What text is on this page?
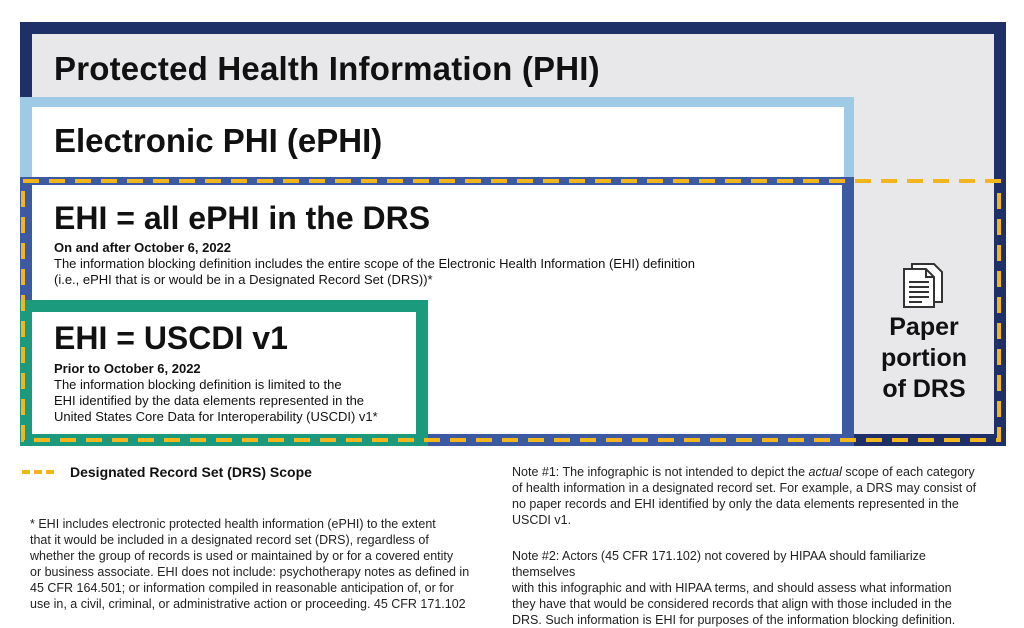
Protected Health Information (PHI)
Electronic PHI (ePHI)
EHI = all ePHI in the DRS
On and after October 6, 2022
The information blocking definition includes the entire scope of the Electronic Health Information (EHI) definition
(i.e., ePHI that is or would be in a Designated Record Set (DRS))*
EHI = USCDI v1
Prior to October 6, 2022
The information blocking definition is limited to the
EHI identified by the data elements represented in the
United States Core Data for Interoperability (USCDI) v1*
Paper
portion
of DRS
Designated Record Set (DRS) Scope
* EHI includes electronic protected health information (ePHI) to the extent
that it would be included in a designated record set (DRS), regardless of
whether the group of records is used or maintained by or for a covered entity
or business associate. EHI does not include: psychotherapy notes as defined in
45 CFR 164.501; or information compiled in reasonable anticipation of, or for
use in, a civil, criminal, or administrative action or proceeding. 45 CFR 171.102
Note #1: The infographic is not intended to depict the actual scope of each category
of health information in a designated record set. For example, a DRS may consist of
no paper records and EHI identified by only the data elements represented in the
USCDI v1.
Note #2: Actors (45 CFR 171.102) not covered by HIPAA should familiarize themselves
with this infographic and with HIPAA terms, and should assess what information
they have that would be considered records that align with those included in the
DRS. Such information is EHI for purposes of the information blocking definition.
